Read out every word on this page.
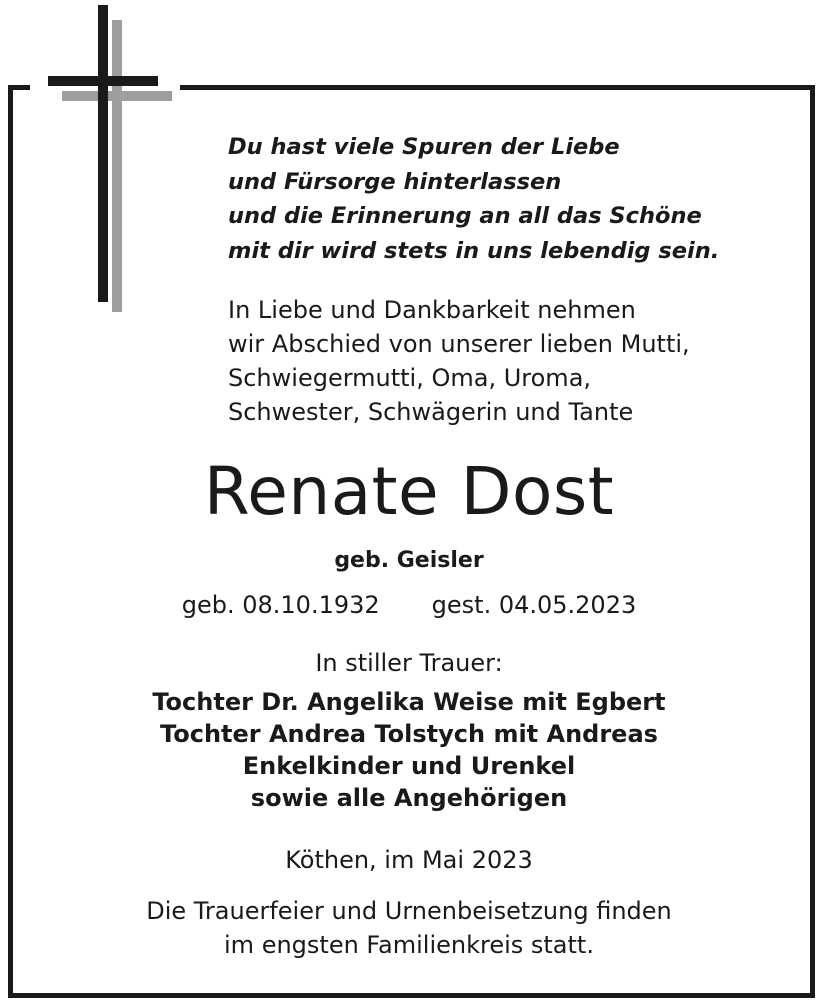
Du hast viele Spuren der Liebe
und Fürsorge hinterlassen
und die Erinnerung an all das Schöne
mit dir wird stets in uns lebendig sein.
In Liebe und Dankbarkeit nehmen
wir Abschied von unserer lieben Mutti,
Schwiegermutti, Oma, Uroma,
Schwester, Schwägerin und Tante
Renate Dost
geb. Geisler
geb. 08.10.1932 gest. 04.05.2023
In stiller Trauer:
Tochter Dr. Angelika Weise mit Egbert
Tochter Andrea Tolstych mit Andreas
Enkelkinder und Urenkel
sowie alle Angehörigen
Köthen, im Mai 2023
Die Trauerfeier und Urnenbeisetzung finden
im engsten Familienkreis statt.
